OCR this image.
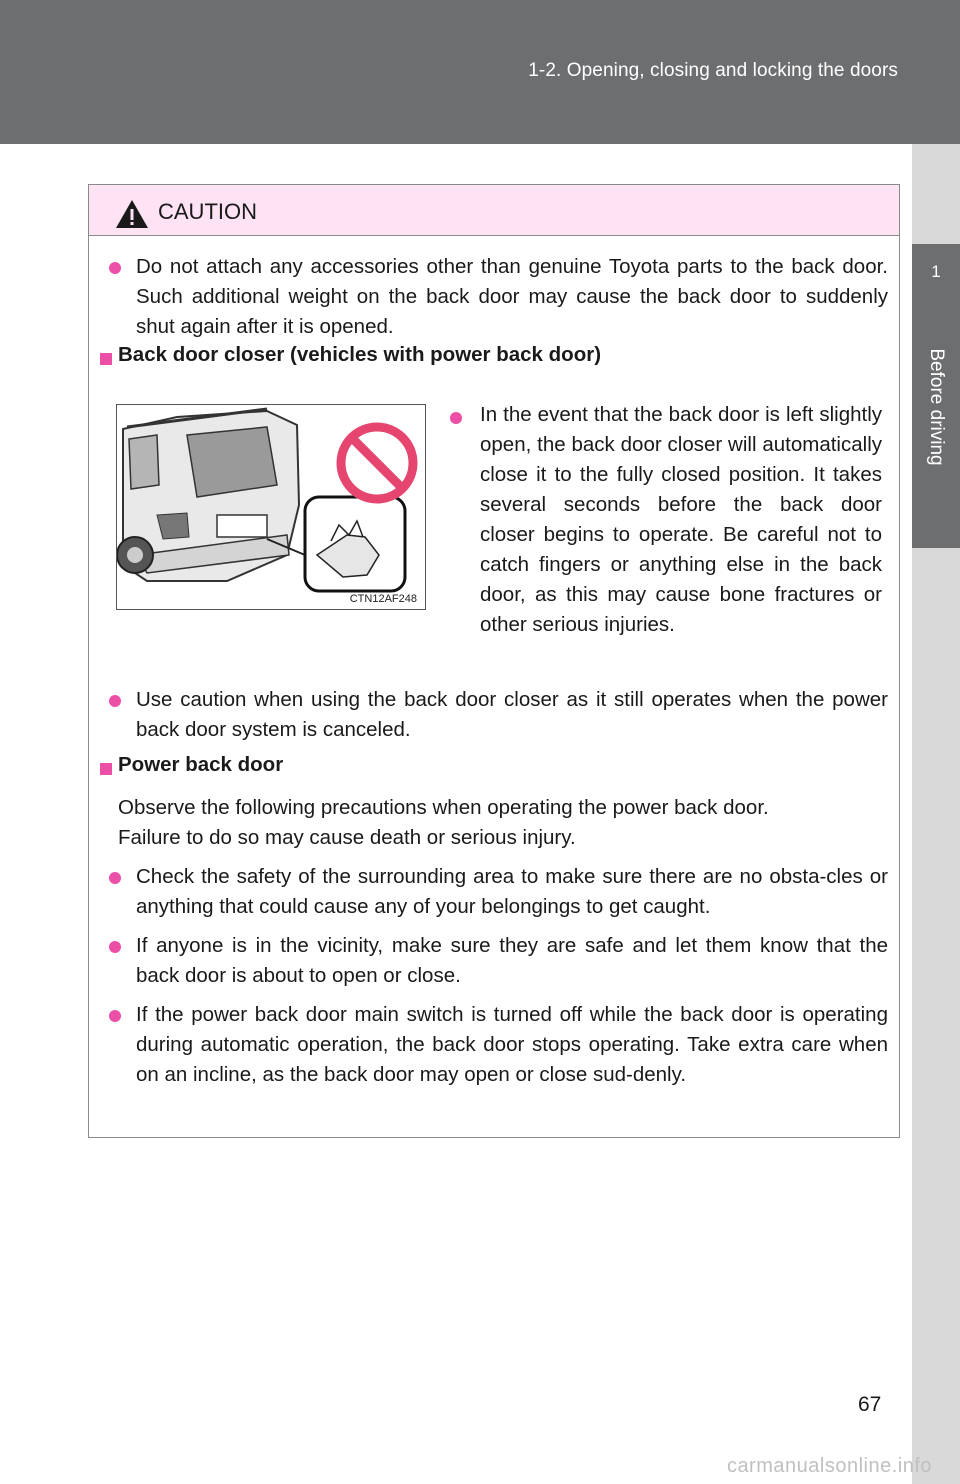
1-2. Opening, closing and locking the doors
1
Before driving
CAUTION
Do not attach any accessories other than genuine Toyota parts to the back door. Such additional weight on the back door may cause the back door to suddenly shut again after it is opened.
Back door closer (vehicles with power back door)
CTN12AF248
In the event that the back door is left slightly open, the back door closer will automatically close it to the fully closed position. It takes several seconds before the back door closer begins to operate. Be careful not to catch fingers or anything else in the back door, as this may cause bone fractures or other serious injuries.
Use caution when using the back door closer as it still operates when the power back door system is canceled.
Power back door
Observe the following precautions when operating the power back door.
Failure to do so may cause death or serious injury.
Check the safety of the surrounding area to make sure there are no obsta-cles or anything that could cause any of your belongings to get caught.
If anyone is in the vicinity, make sure they are safe and let them know that the back door is about to open or close.
If the power back door main switch is turned off while the back door is operating during automatic operation, the back door stops operating. Take extra care when on an incline, as the back door may open or close sud-denly.
67
carmanualsonline.info
